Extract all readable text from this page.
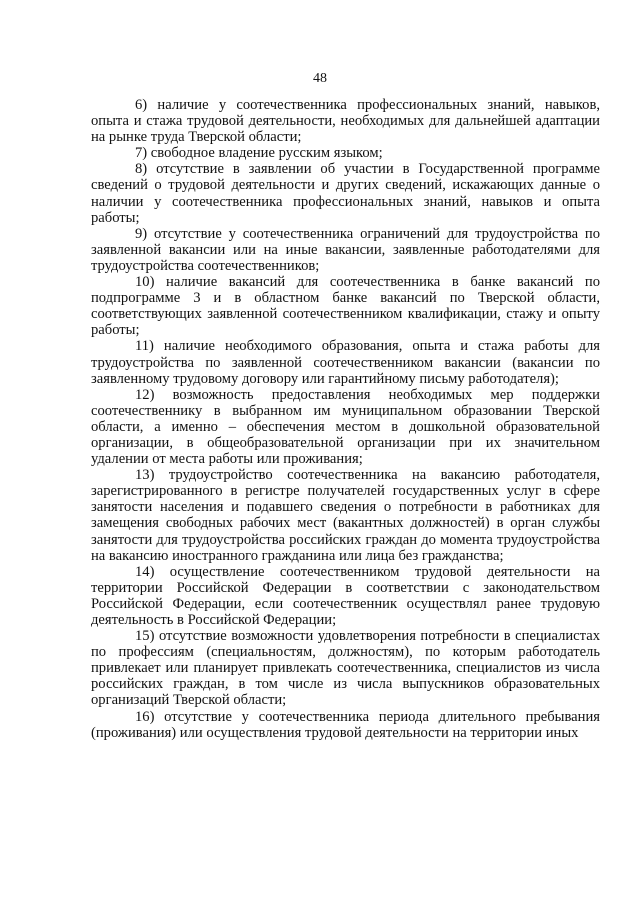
48

6) наличие у соотечественника профессиональных знаний, навыков, опыта и стажа трудовой деятельности, необходимых для дальнейшей адаптации на рынке труда Тверской области;

7) свободное владение русским языком;

8) отсутствие в заявлении об участии в Государственной программе сведений о трудовой деятельности и других сведений, искажающих данные о наличии у соотечественника профессиональных знаний, навыков и опыта работы;

9) отсутствие у соотечественника ограничений для трудоустройства по заявленной вакансии или на иные вакансии, заявленные работодателями для трудоустройства соотечественников;

10) наличие вакансий для соотечественника в банке вакансий по подпрограмме 3 и в областном банке вакансий по Тверской области, соответствующих заявленной соотечественником квалификации, стажу и опыту работы;

11) наличие необходимого образования, опыта и стажа работы для трудоустройства по заявленной соотечественником вакансии (вакансии по заявленному трудовому договору или гарантийному письму работодателя);

12) возможность предоставления необходимых мер поддержки соотечественнику в выбранном им муниципальном образовании Тверской области, а именно – обеспечения местом в дошкольной образовательной организации, в общеобразовательной организации при их значительном удалении от места работы или проживания;

13) трудоустройство соотечественника на вакансию работодателя, зарегистрированного в регистре получателей государственных услуг в сфере занятости населения и подавшего сведения о потребности в работниках для замещения свободных рабочих мест (вакантных должностей) в орган службы занятости для трудоустройства российских граждан до момента трудоустройства на вакансию иностранного гражданина или лица без гражданства;

14) осуществление соотечественником трудовой деятельности на территории Российской Федерации в соответствии с законодательством Российской Федерации, если соотечественник осуществлял ранее трудовую деятельность в Российской Федерации;

15) отсутствие возможности удовлетворения потребности в специалистах по профессиям (специальностям, должностям), по которым работодатель привлекает или планирует привлекать соотечественника, специалистов из числа российских граждан, в том числе из числа выпускников образовательных организаций Тверской области;

16) отсутствие у соотечественника периода длительного пребывания (проживания) или осуществления трудовой деятельности на территории иных
